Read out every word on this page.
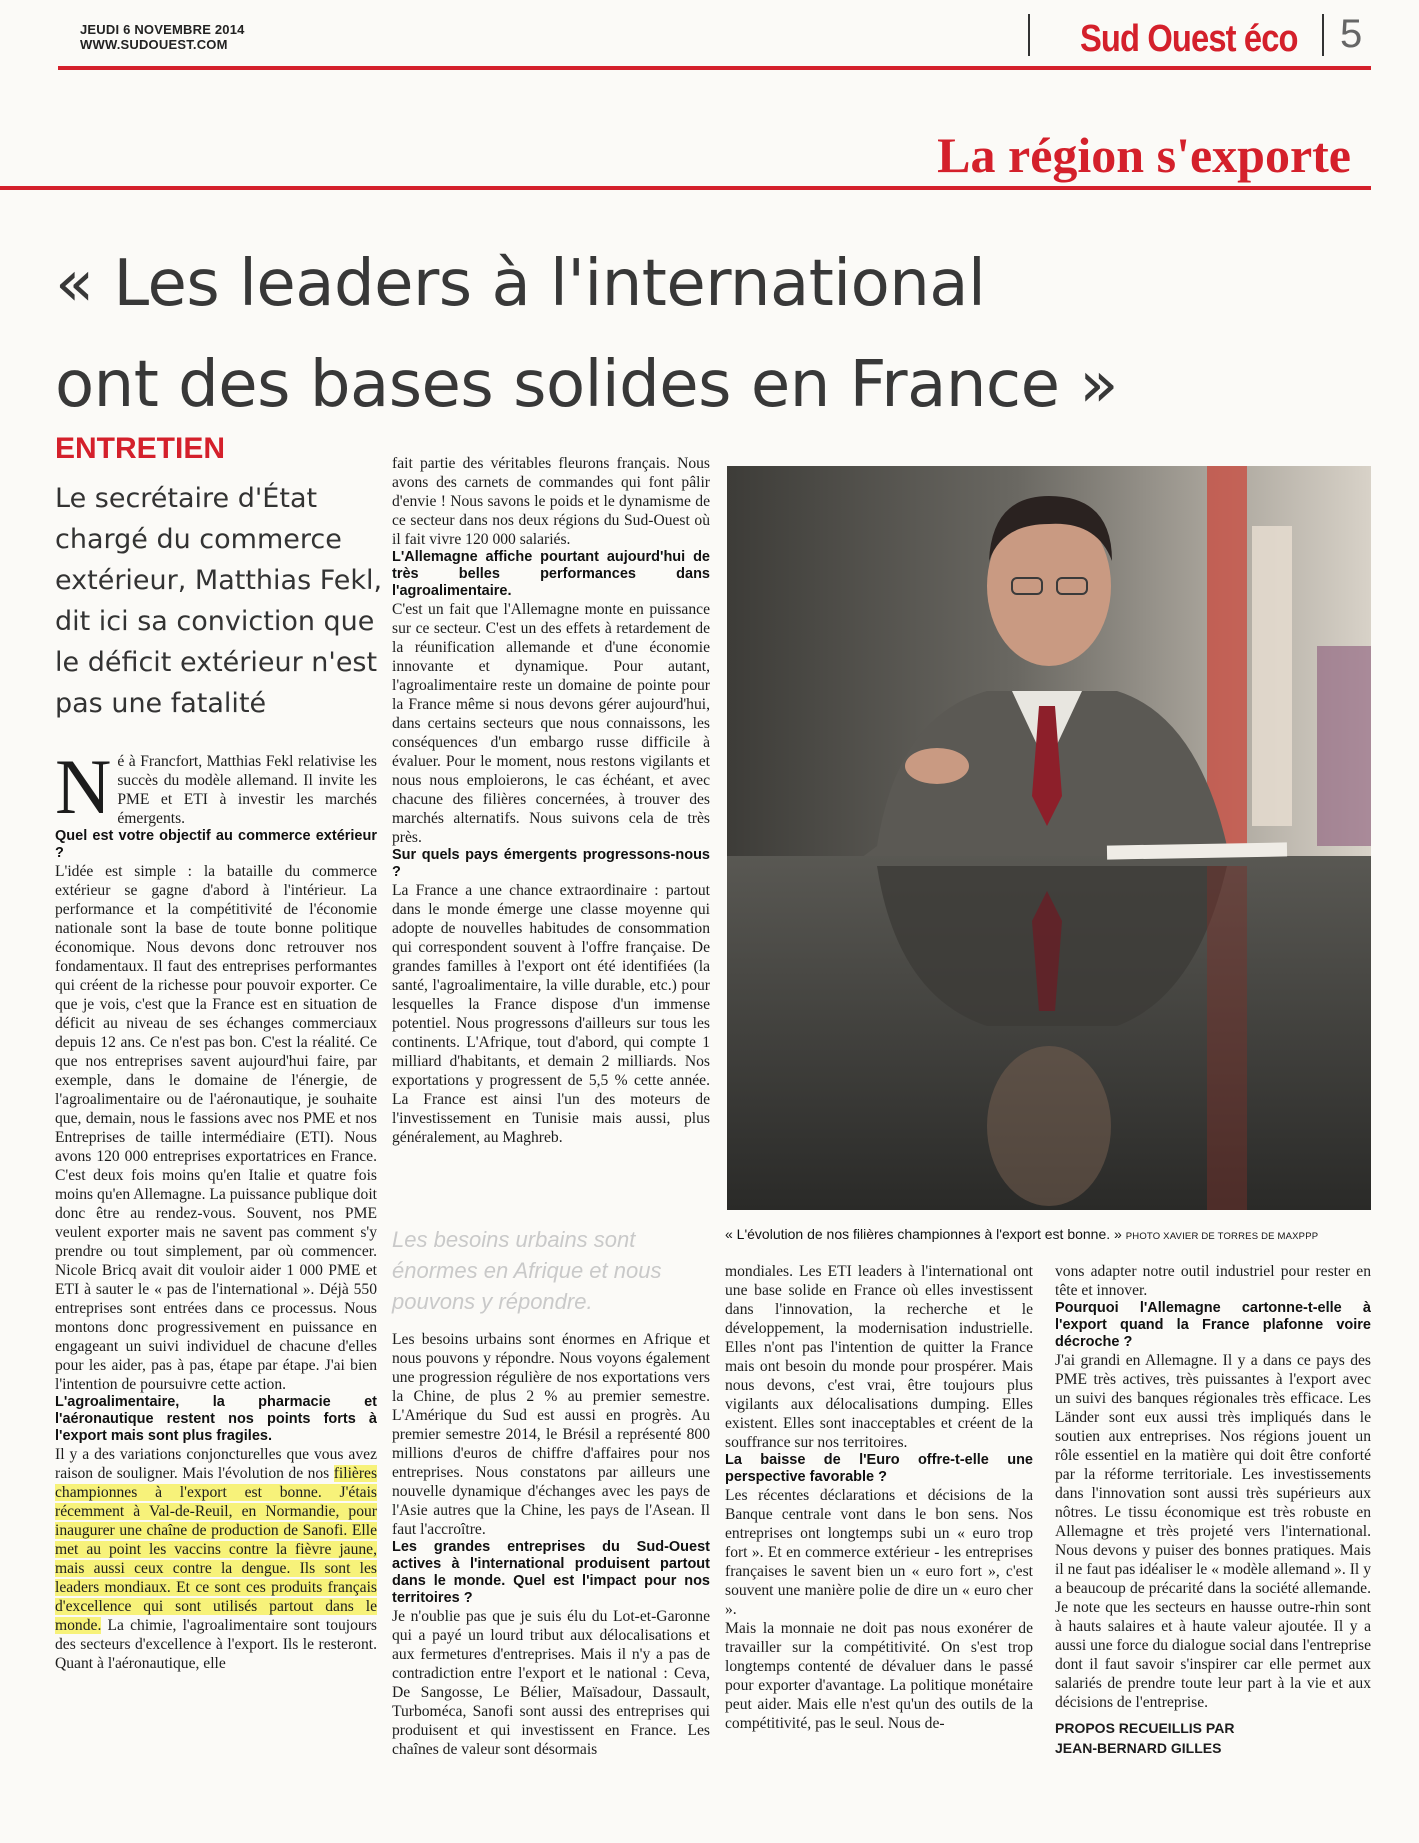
JEUDI 6 NOVEMBRE 2014
WWW.SUDOUEST.COM	Sud Ouest éco 5
La région s'exporte
« Les leaders à l'international
ont des bases solides en France »
ENTRETIEN
Le secrétaire d'État chargé du commerce extérieur, Matthias Fekl, dit ici sa conviction que le déficit extérieur n'est pas une fatalité
Né à Francfort, Matthias Fekl relativise les succès du modèle allemand. Il invite les PME et ETI à investir les marchés émergents.

Quel est votre objectif au commerce extérieur ?

L'idée est simple : la bataille du commerce extérieur se gagne d'abord à l'intérieur. La performance et la compétitivité de l'économie nationale sont la base de toute bonne politique économique. Nous devons donc retrouver nos fondamentaux. Il faut des entreprises performantes qui créent de la richesse pour pouvoir exporter. Ce que je vois, c'est que la France est en situation de déficit au niveau de ses échanges commerciaux depuis 12 ans. Ce n'est pas bon. C'est la réalité. Ce que nos entreprises savent aujourd'hui faire, par exemple, dans le domaine de l'énergie, de l'agroalimentaire ou de l'aéronautique, je souhaite que, demain, nous le fassions avec nos PME et nos Entreprises de taille intermédiaire (ETI). Nous avons 120 000 entreprises exportatrices en France. C'est deux fois moins qu'en Italie et quatre fois moins qu'en Allemagne. La puissance publique doit donc être au rendez-vous. Souvent, nos PME veulent exporter mais ne savent pas comment s'y prendre ou tout simplement, par où commencer. Nicole Bricq avait dit vouloir aider 1 000 PME et ETI à sauter le « pas de l'international ». Déjà 550 entreprises sont entrées dans ce processus. Nous montons donc progressivement en puissance en engageant un suivi individuel de chacune d'elles pour les aider, pas à pas, étape par étape. J'ai bien l'intention de poursuivre cette action.

L'agroalimentaire, la pharmacie et l'aéronautique restent nos points forts à l'export mais sont plus fragiles.

Il y a des variations conjoncturelles que vous avez raison de souligner. Mais l'évolution de nos filières championnes à l'export est bonne. J'étais récemment à Val-de-Reuil, en Normandie, pour inaugurer une chaîne de production de Sanofi. Elle met au point les vaccins contre la fièvre jaune, mais aussi ceux contre la dengue. Ils sont les leaders mondiaux. Et ce sont ces produits français d'excellence qui sont utilisés partout dans le monde. La chimie, l'agroalimentaire sont toujours des secteurs d'excellence à l'export. Ils le resteront. Quant à l'aéronautique, elle

fait partie des véritables fleurons français. Nous avons des carnets de commandes qui font pâlir d'envie ! Nous savons le poids et le dynamisme de ce secteur dans nos deux régions du Sud-Ouest où il fait vivre 120 000 salariés.

L'Allemagne affiche pourtant aujourd'hui de très belles performances dans l'agroalimentaire.

C'est un fait que l'Allemagne monte en puissance sur ce secteur. C'est un des effets à retardement de la réunification allemande et d'une économie innovante et dynamique. Pour autant, l'agroalimentaire reste un domaine de pointe pour la France même si nous devons gérer aujourd'hui, dans certains secteurs que nous connaissons, les conséquences d'un embargo russe difficile à évaluer. Pour le moment, nous restons vigilants et nous nous emploierons, le cas échéant, et avec chacune des filières concernées, à trouver des marchés alternatifs. Nous suivons cela de très près.

Sur quels pays émergents progressons-nous ?

La France a une chance extraordinaire : partout dans le monde émerge une classe moyenne qui adopte de nouvelles habitudes de consommation qui correspondent souvent à l'offre française. De grandes familles à l'export ont été identifiées (la santé, l'agroalimentaire, la ville durable, etc.) pour lesquelles la France dispose d'un immense potentiel. Nous progressons d'ailleurs sur tous les continents. L'Afrique, tout d'abord, qui compte 1 milliard d'habitants, et demain 2 milliards. Nos exportations y progressent de 5,5 % cette année. La France est ainsi l'un des moteurs de l'investissement en Tunisie mais aussi, plus généralement, au Maghreb.

Les besoins urbains sont énormes en Afrique et nous pouvons y répondre.

Les besoins urbains sont énormes en Afrique et nous pouvons y répondre. Nous voyons également une progression régulière de nos exportations vers la Chine, de plus 2 % au premier semestre. L'Amérique du Sud est aussi en progrès. Au premier semestre 2014, le Brésil a représenté 800 millions d'euros de chiffre d'affaires pour nos entreprises. Nous constatons par ailleurs une nouvelle dynamique d'échanges avec les pays de l'Asie autres que la Chine, les pays de l'Asean. Il faut l'accroître.

Les grandes entreprises du Sud-Ouest actives à l'international produisent partout dans le monde. Quel est l'impact pour nos territoires ?

Je n'oublie pas que je suis élu du Lot-et-Garonne qui a payé un lourd tribut aux délocalisations et aux fermetures d'entreprises. Mais il n'y a pas de contradiction entre l'export et le national : Ceva, De Sangosse, Le Bélier, Maïsadour, Dassault, Turboméca, Sanofi sont aussi des entreprises qui produisent et qui investissent en France. Les chaînes de valeur sont désormais

« L'évolution de nos filières championnes à l'export est bonne. » PHOTO XAVIER DE TORRES DE MAXPPP

mondiales. Les ETI leaders à l'international ont une base solide en France où elles investissent dans l'innovation, la recherche et le développement, la modernisation industrielle. Elles n'ont pas l'intention de quitter la France mais ont besoin du monde pour prospérer. Mais nous devons, c'est vrai, être toujours plus vigilants aux délocalisations dumping. Elles existent. Elles sont inacceptables et créent de la souffrance sur nos territoires.

La baisse de l'Euro offre-t-elle une perspective favorable ?

Les récentes déclarations et décisions de la Banque centrale vont dans le bon sens. Nos entreprises ont longtemps subi un « euro trop fort ». Et en commerce extérieur - les entreprises françaises le savent bien un « euro fort », c'est souvent une manière polie de dire un « euro cher ».

Mais la monnaie ne doit pas nous exonérer de travailler sur la compétitivité. On s'est trop longtemps contenté de dévaluer dans le passé pour exporter d'avantage. La politique monétaire peut aider. Mais elle n'est qu'un des outils de la compétitivité, pas le seul. Nous de-

vons adapter notre outil industriel pour rester en tête et innover.

Pourquoi l'Allemagne cartonne-t-elle à l'export quand la France plafonne voire décroche ?

J'ai grandi en Allemagne. Il y a dans ce pays des PME très actives, très puissantes à l'export avec un suivi des banques régionales très efficace. Les Länder sont eux aussi très impliqués dans le soutien aux entreprises. Nos régions jouent un rôle essentiel en la matière qui doit être conforté par la réforme territoriale. Les investissements dans l'innovation sont aussi très supérieurs aux nôtres. Le tissu économique est très robuste en Allemagne et très projeté vers l'international. Nous devons y puiser des bonnes pratiques. Mais il ne faut pas idéaliser le « modèle allemand ». Il y a beaucoup de précarité dans la société allemande. Je note que les secteurs en hausse outre-rhin sont à hauts salaires et à haute valeur ajoutée. Il y a aussi une force du dialogue social dans l'entreprise dont il faut savoir s'inspirer car elle permet aux salariés de prendre toute leur part à la vie et aux décisions de l'entreprise.

PROPOS RECUEILLIS PAR
JEAN-BERNARD GILLES
